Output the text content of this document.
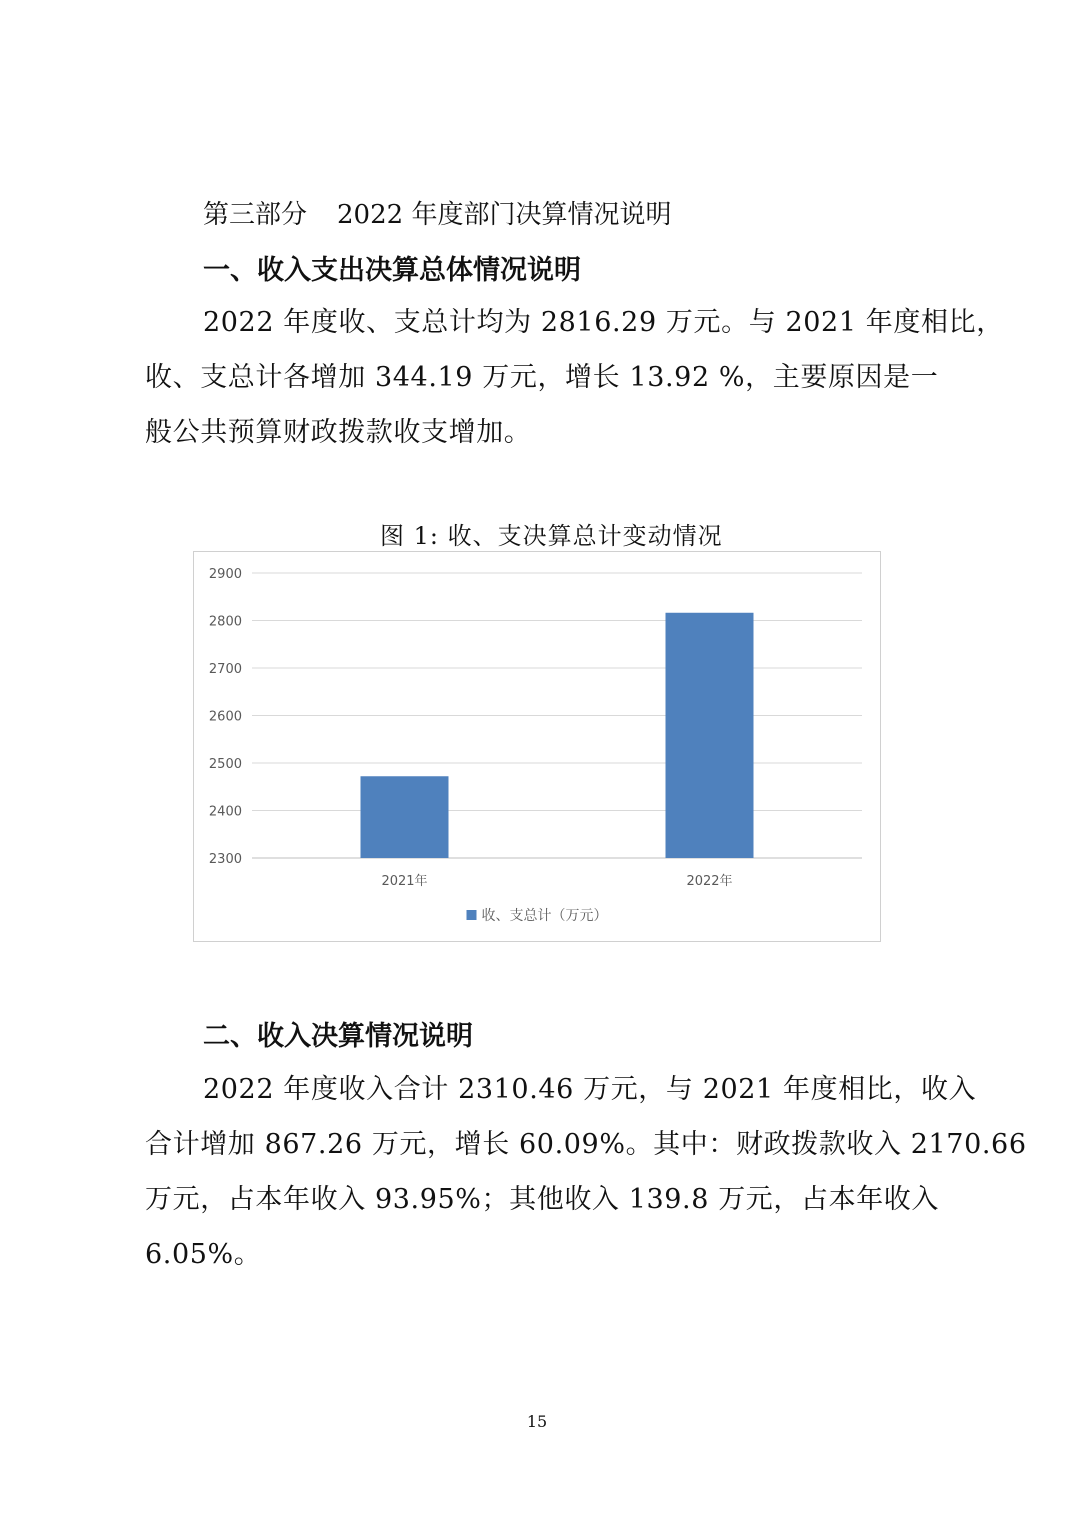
第三部分 2022 年度部门决算情况说明
一、收入支出决算总体情况说明

2022 年度收、支总计均为 2816.29 万元。与 2021 年度相比，

收、支总计各增加 344.19 万元，增长 13.92 %，主要原因是一

般公共预算财政拨款收支增加。

图 1: 收、支决算总计变动情况
2300
2400
2500
2600
2700
2800
2900
2021年	2022年
收、支总计（万元）
二、收入决算情况说明

2022 年度收入合计 2310.46 万元，与 2021 年度相比，收入

合计增加 867.26 万元，增长 60.09%。其中：财政拨款收入 2170.66

万元，占本年收入 93.95%；其他收入 139.8 万元，占本年收入

6.05%。

15
